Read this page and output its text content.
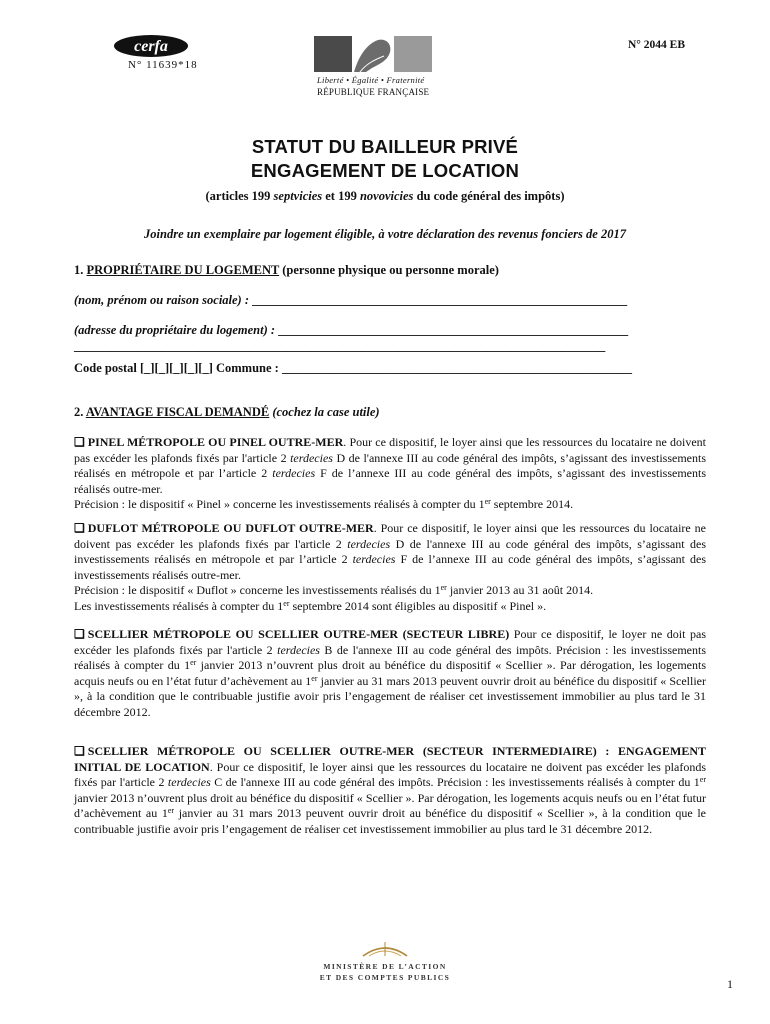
cerfa
N° 11639*18
N° 2044 EB
Liberté • Égalité • Fraternité
RÉPUBLIQUE FRANÇAISE
STATUT DU BAILLEUR PRIVÉ
ENGAGEMENT DE LOCATION
(articles 199 septvicies et 199 novovicies du code général des impôts)
Joindre un exemplaire par logement éligible, à votre déclaration des revenus fonciers de 2017
1. PROPRIÉTAIRE DU LOGEMENT (personne physique ou personne morale)
(nom, prénom ou raison sociale) : ____________________________________________________________
(adresse du propriétaire du logement) : ________________________________________________________
_____________________________________________________________________________________
Code postal [_][_][_][_][_] Commune : ________________________________________________________
2. AVANTAGE FISCAL DEMANDÉ (cochez la case utile)

❑ PINEL MÉTROPOLE OU PINEL OUTRE-MER. Pour ce dispositif, le loyer ainsi que les ressources du locataire ne doivent pas excéder les plafonds fixés par l'article 2 terdecies D de l'annexe III au code général des impôts, s’agissant des investissements réalisés en métropole et par l’article 2 terdecies F de l’annexe III au code général des impôts, s’agissant des investissements réalisés outre-mer.

Précision : le dispositif « Pinel » concerne les investissements réalisés à compter du 1er septembre 2014.

❑ DUFLOT MÉTROPOLE OU DUFLOT OUTRE-MER. Pour ce dispositif, le loyer ainsi que les ressources du locataire ne doivent pas excéder les plafonds fixés par l'article 2 terdecies D de l'annexe III au code général des impôts, s’agissant des investissements réalisés en métropole et par l’article 2 terdecies F de l’annexe III au code général des impôts, s’agissant des investissements réalisés outre-mer.

Précision : le dispositif « Duflot » concerne les investissements réalisés du 1er janvier 2013 au 31 août 2014.

Les investissements réalisés à compter du 1er septembre 2014 sont éligibles au dispositif « Pinel ».

❑ SCELLIER MÉTROPOLE OU SCELLIER OUTRE-MER (SECTEUR LIBRE) Pour ce dispositif, le loyer ne doit pas excéder les plafonds fixés par l'article 2 terdecies B de l'annexe III au code général des impôts. Précision : les investissements réalisés à compter du 1er janvier 2013 n’ouvrent plus droit au bénéfice du dispositif « Scellier ». Par dérogation, les logements acquis neufs ou en l’état futur d’achèvement au 1er janvier au 31 mars 2013 peuvent ouvrir droit au bénéfice du dispositif « Scellier », à la condition que le contribuable justifie avoir pris l’engagement de réaliser cet investissement immobilier au plus tard le 31 décembre 2012.

❑ SCELLIER MÉTROPOLE OU SCELLIER OUTRE-MER (SECTEUR INTERMEDIAIRE) : ENGAGEMENT INITIAL DE LOCATION. Pour ce dispositif, le loyer ainsi que les ressources du locataire ne doivent pas excéder les plafonds fixés par l'article 2 terdecies C de l'annexe III au code général des impôts. Précision : les investissements réalisés à compter du 1er janvier 2013 n’ouvrent plus droit au bénéfice du dispositif « Scellier ». Par dérogation, les logements acquis neufs ou en l’état futur d’achèvement au 1er janvier au 31 mars 2013 peuvent ouvrir droit au bénéfice du dispositif « Scellier », à la condition que le contribuable justifie avoir pris l’engagement de réaliser cet investissement immobilier au plus tard le 31 décembre 2012.

MINISTÈRE DE L’ACTION
ET DES COMPTES PUBLICS	1
